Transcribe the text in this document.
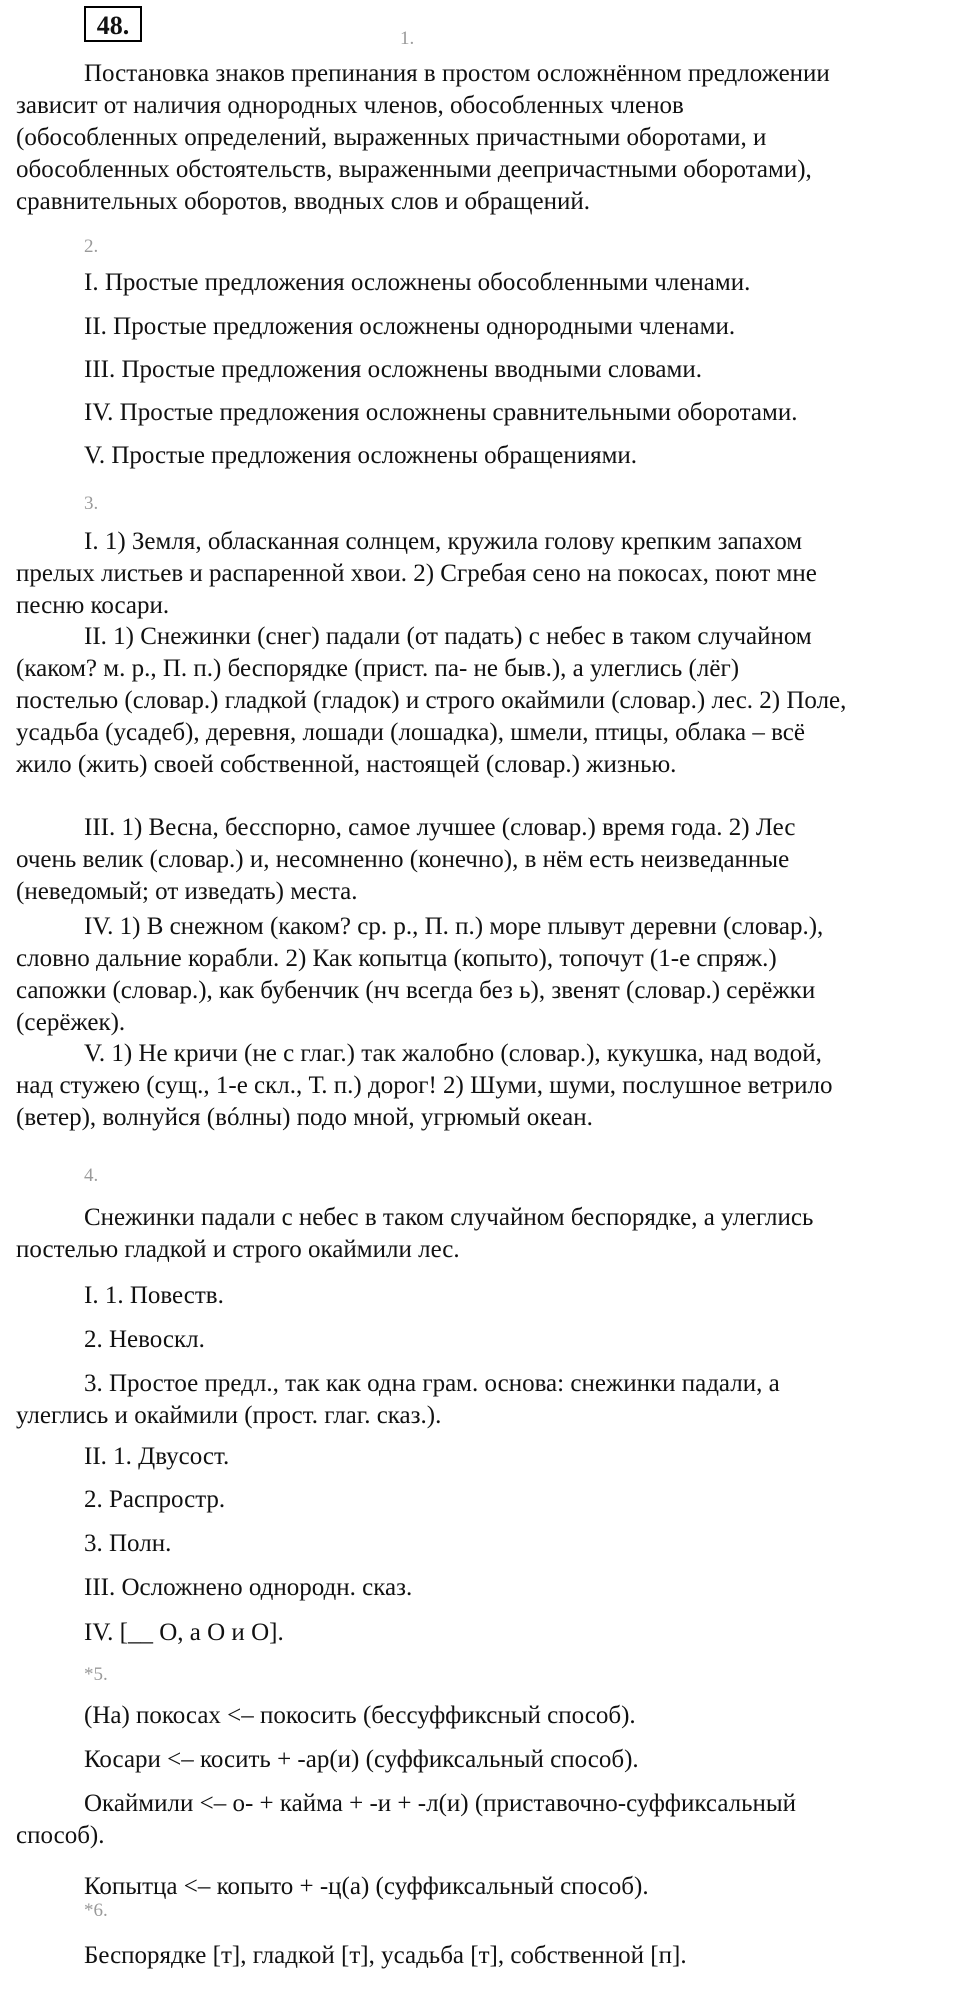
48.	1.
Постановка знаков препинания в простом осложнённом предложении
зависит от наличия однородных членов, обособленных членов
(обособленных определений, выраженных причастными оборотами, и
обособленных обстоятельств, выраженными деепричастными оборотами),
сравнительных оборотов, вводных слов и обращений.
2.
I. Простые предложения осложнены обособленными членами.
II. Простые предложения осложнены однородными членами.
III. Простые предложения осложнены вводными словами.
IV. Простые предложения осложнены сравнительными оборотами.
V. Простые предложения осложнены обращениями.
3.
I. 1) Земля, обласканная солнцем, кружила голову крепким запахом
прелых листьев и распаренной хвои. 2) Сгребая сено на покосах, поют мне
песню косари.
II. 1) Снежинки (снег) падали (от падать) с небес в таком случайном
(каком? м. р., П. п.) беспорядке (прист. па- не быв.), а улеглись (лёг)
постелью (словар.) гладкой (гладок) и строго окаймили (словар.) лес. 2) Поле,
усадьба (усадеб), деревня, лошади (лошадка), шмели, птицы, облака – всё
жило (жить) своей собственной, настоящей (словар.) жизнью.
III. 1) Весна, бесспорно, самое лучшее (словар.) время года. 2) Лес
очень велик (словар.) и, несомненно (конечно), в нём есть неизведанные
(неведомый; от изведать) места.
IV. 1) В снежном (каком? ср. р., П. п.) море плывут деревни (словар.),
словно дальние корабли. 2) Как копытца (копыто), топочут (1-е спряж.)
сапожки (словар.), как бубенчик (нч всегда без ь), звенят (словар.) серёжки
(серёжек).
V. 1) Не кричи (не с глаг.) так жалобно (словар.), кукушка, над водой,
над стужею (сущ., 1-е скл., Т. п.) дорог! 2) Шуми, шуми, послушное ветрило
(ветер), волнуйся (вóлны) подо мной, угрюмый океан.
4.
Снежинки падали с небес в таком случайном беспорядке, а улеглись
постелью гладкой и строго окаймили лес.
I. 1. Повеств.
2. Невоскл.
3. Простое предл., так как одна грам. основа: снежинки падали, а
улеглись и окаймили (прост. глаг. сказ.).
II. 1. Двусост.
2. Распростр.
3. Полн.
III. Осложнено однородн. сказ.
IV. [__ О, а О и О].
*5.
(На) покосах <– покосить (бессуффиксный способ).
Косари <– косить + -ар(и) (суффиксальный способ).
Окаймили <– о- + кайма + -и + -л(и) (приставочно-суффиксальный
способ).
Копытца <– копыто + -ц(а) (суффиксальный способ).
*6.
Беспорядке [т], гладкой [т], усадьба [т], собственной [п].
